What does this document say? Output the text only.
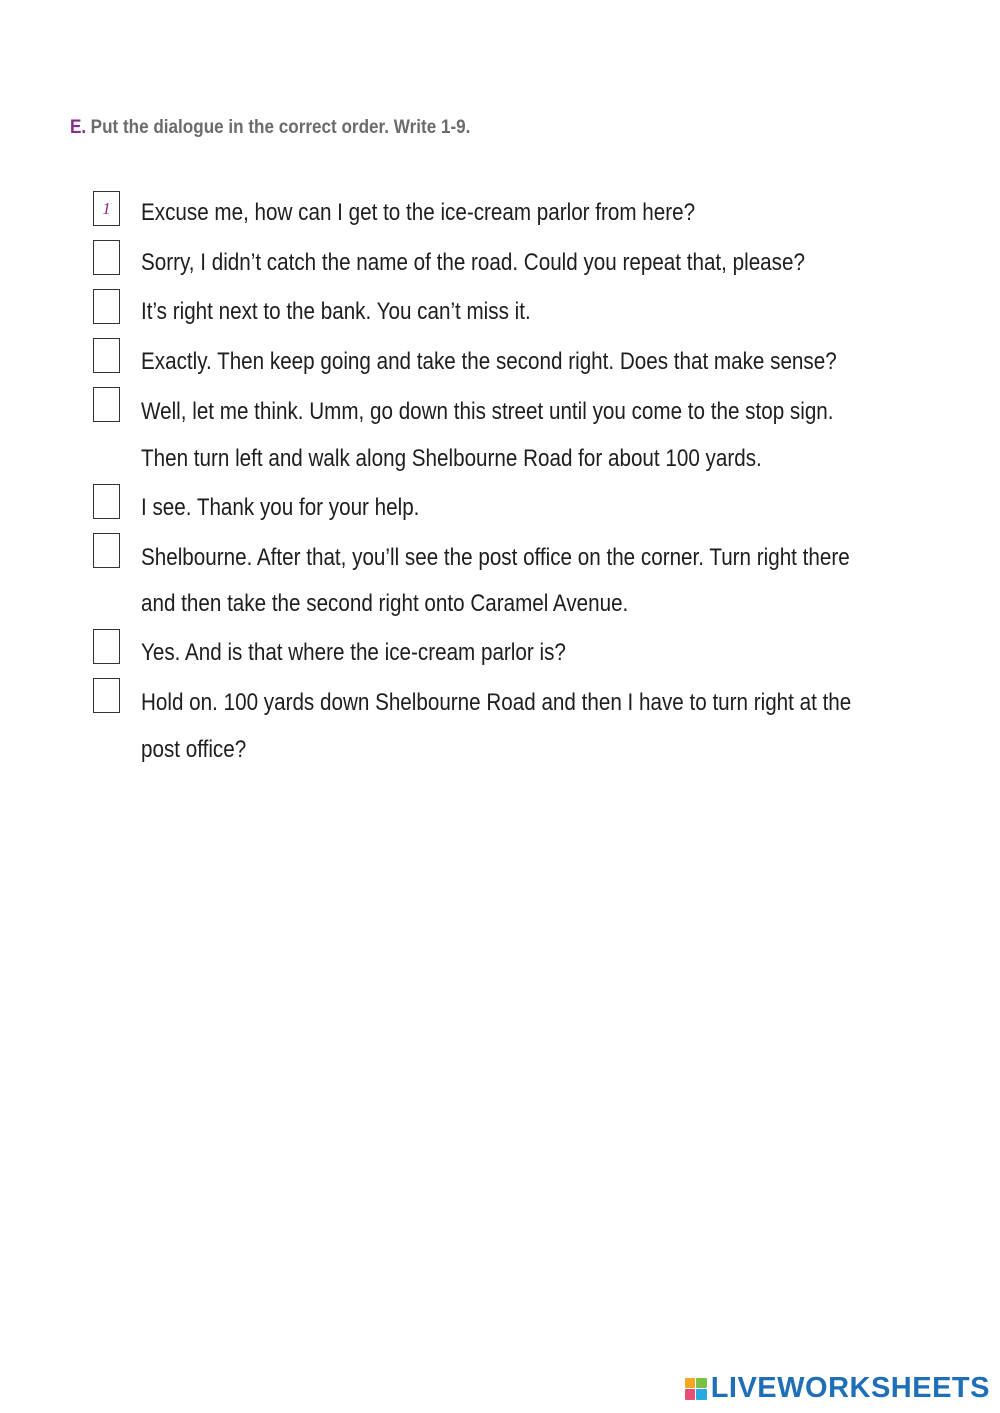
E. Put the dialogue in the correct order. Write 1-9.
1	Excuse me, how can I get to the ice-cream parlor from here?
Sorry, I didn’t catch the name of the road. Could you repeat that, please?
It’s right next to the bank. You can’t miss it.
Exactly. Then keep going and take the second right. Does that make sense?
Well, let me think. Umm, go down this street until you come to the stop sign.
Then turn left and walk along Shelbourne Road for about 100 yards.
I see. Thank you for your help.
Shelbourne. After that, you’ll see the post office on the corner. Turn right there
and then take the second right onto Caramel Avenue.
Yes. And is that where the ice-cream parlor is?
Hold on. 100 yards down Shelbourne Road and then I have to turn right at the
post office?
LIVEWORKSHEETS
